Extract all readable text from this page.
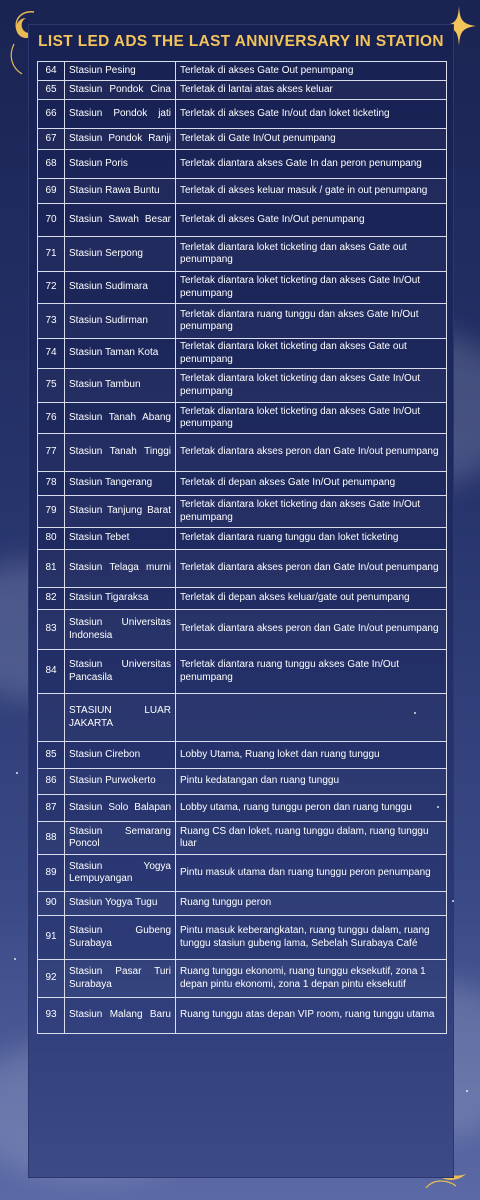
LIST LED ADS THE LAST ANNIVERSARY IN STATION
64	Stasiun Pesing	Terletak di akses Gate Out penumpang
65	Stasiun Pondok Cina	Terletak di lantai atas akses keluar
66	Stasiun Pondok jati	Terletak di akses Gate In/out dan loket ticketing
67	Stasiun Pondok Ranji	Terletak di Gate In/Out penumpang
68	Stasiun Poris	Terletak diantara akses Gate In dan peron penumpang
69	Stasiun Rawa Buntu	Terletak di akses keluar masuk / gate in out penumpang
70	Stasiun Sawah Besar	Terletak di akses Gate In/Out penumpang
71	Stasiun Serpong	Terletak diantara loket ticketing dan akses Gate out penumpang
72	Stasiun Sudimara	Terletak diantara loket ticketing dan akses Gate In/Out penumpang
73	Stasiun Sudirman	Terletak diantara ruang tunggu dan akses Gate In/Out penumpang
74	Stasiun Taman Kota	Terletak diantara loket ticketing dan akses Gate out penumpang
75	Stasiun Tambun	Terletak diantara loket ticketing dan akses Gate In/Out penumpang
76	Stasiun Tanah Abang	Terletak diantara loket ticketing dan akses Gate In/Out penumpang
77	Stasiun Tanah Tinggi	Terletak diantara akses peron dan Gate In/out penumpang
78	Stasiun Tangerang	Terletak di depan akses Gate In/Out penumpang
79	Stasiun Tanjung Barat	Terletak diantara loket ticketing dan akses Gate In/Out penumpang
80	Stasiun Tebet	Terletak diantara ruang tunggu dan loket ticketing
81	Stasiun Telaga murni	Terletak diantara akses peron dan Gate In/out penumpang
82	Stasiun Tigaraksa	Terletak di depan akses keluar/gate out penumpang
83	Stasiun Universitas Indonesia	Terletak diantara akses peron dan Gate In/out penumpang
84	Stasiun Universitas Pancasila	Terletak diantara ruang tunggu akses Gate In/Out penumpang
	STASIUN LUAR JAKARTA	
85	Stasiun Cirebon	Lobby Utama, Ruang loket dan ruang tunggu
86	Stasiun Purwokerto	Pintu kedatangan dan ruang tunggu
87	Stasiun Solo Balapan	Lobby utama, ruang tunggu peron dan ruang tunggu
88	Stasiun Semarang Poncol	Ruang CS dan loket, ruang tunggu dalam, ruang tunggu luar
89	Stasiun Yogya Lempuyangan	Pintu masuk utama dan ruang tunggu peron penumpang
90	Stasiun Yogya Tugu	Ruang tunggu peron
91	Stasiun Gubeng Surabaya	Pintu masuk keberangkatan, ruang tunggu dalam, ruang tunggu stasiun gubeng lama, Sebelah Surabaya Café
92	Stasiun Pasar Turi Surabaya	Ruang tunggu ekonomi, ruang tunggu eksekutif, zona 1 depan pintu ekonomi, zona 1 depan pintu eksekutif
93	Stasiun Malang Baru	Ruang tunggu atas depan VIP room, ruang tunggu utama
